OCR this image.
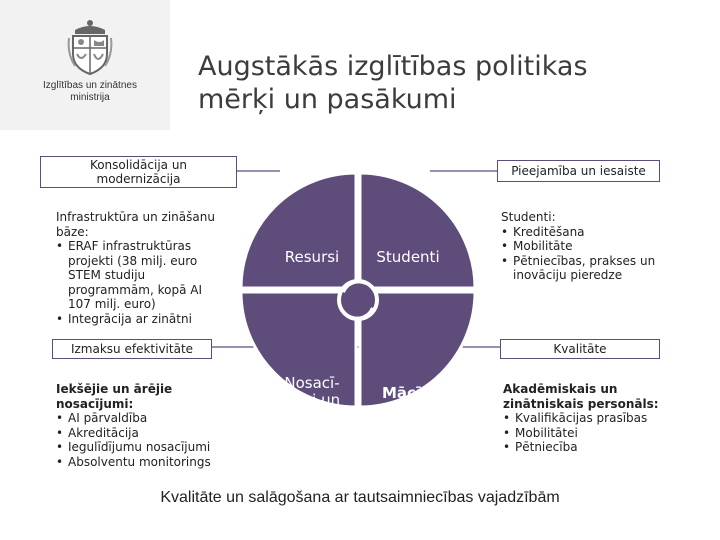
Izglītības un zinātnes
ministrija
Augstākās izglītības politikas
mērķi un pasākumi
Resursi Studenti
Nosacī-
jumi un
stimuli
Mācīb-
spēki
Konsolidācija un
modernizācija
Pieejamība un iesaiste
Izmaksu efektivitāte	Kvalitāte
Infrastruktūra un zināšanu bāze:
• ERAF infrastruktūras projekti (38 milj. euro STEM studiju programmām, kopā AI 107 milj. euro)
• Integrācija ar zinātni
Studenti:
• Kreditēšana
• Mobilitāte
• Pētniecības, prakses un inovāciju pieredze
Iekšējie un ārējie nosacījumi:
• AI pārvaldība
• Akreditācija
• Iegulīdījumu nosacījumi
• Absolventu monitorings
Akadēmiskais un zinātniskais personāls:
• Kvalifikācijas prasības
• Mobilitātei
• Pētniecība
Kvalitāte un salāgošana ar tautsaimniecības vajadzībām
